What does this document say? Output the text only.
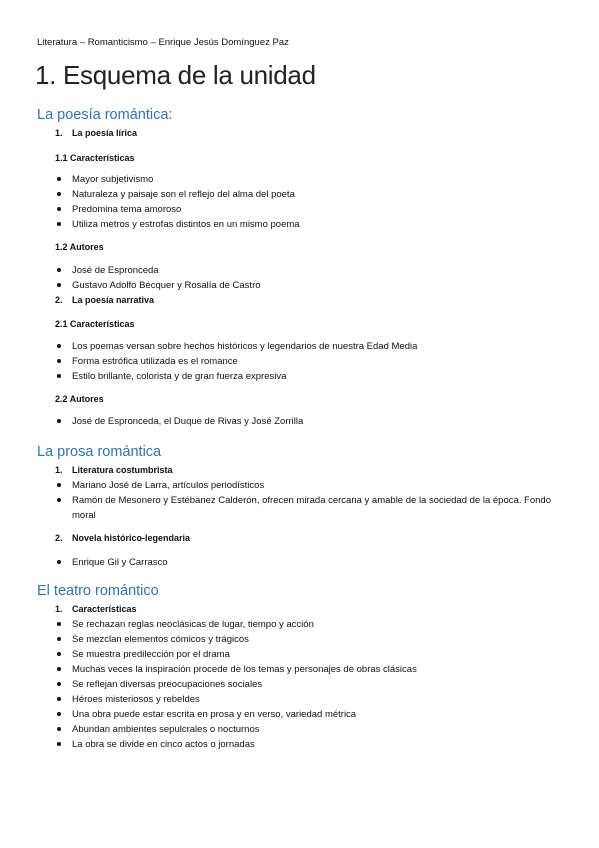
Literatura – Romanticismo – Enrique Jesús Domínguez Paz
1. Esquema de la unidad
La poesía romántica:
1. La poesía lírica
1.1 Características
Mayor subjetivismo
Naturaleza y paisaje son el reflejo del alma del poeta
Predomina tema amoroso
Utiliza metros y estrofas distintos en un mismo poema
1.2 Autores
José de Espronceda
Gustavo Adolfo Bécquer y Rosalía de Castro
2. La poesía narrativa
2.1 Características
Los poemas versan sobre hechos históricos y legendarios de nuestra Edad Media
Forma estrófica utilizada es el romance
Estilo brillante, colorista y de gran fuerza expresiva
2.2 Autores
José de Espronceda, el Duque de Rivas y José Zorrilla
La prosa romántica
1. Literatura costumbrista
Mariano José de Larra, artículos periodísticos
Ramón de Mesonero y Estébanez Calderón, ofrecen mirada cercana y amable de la sociedad de la época. Fondo moral
2. Novela histórico-legendaria
Enrique Gil y Carrasco
El teatro romántico
1. Características
Se rechazan reglas neoclásicas de lugar, tiempo y acción
Se mezclan elementos cómicos y trágicos
Se muestra predilección por el drama
Muchas veces la inspiración procede de los temas y personajes de obras clásicas
Se reflejan diversas preocupaciones sociales
Héroes misteriosos y rebeldes
Una obra puede estar escrita en prosa y en verso, variedad métrica
Abundan ambientes sepulcrales o nocturnos
La obra se divide en cinco actos o jornadas
